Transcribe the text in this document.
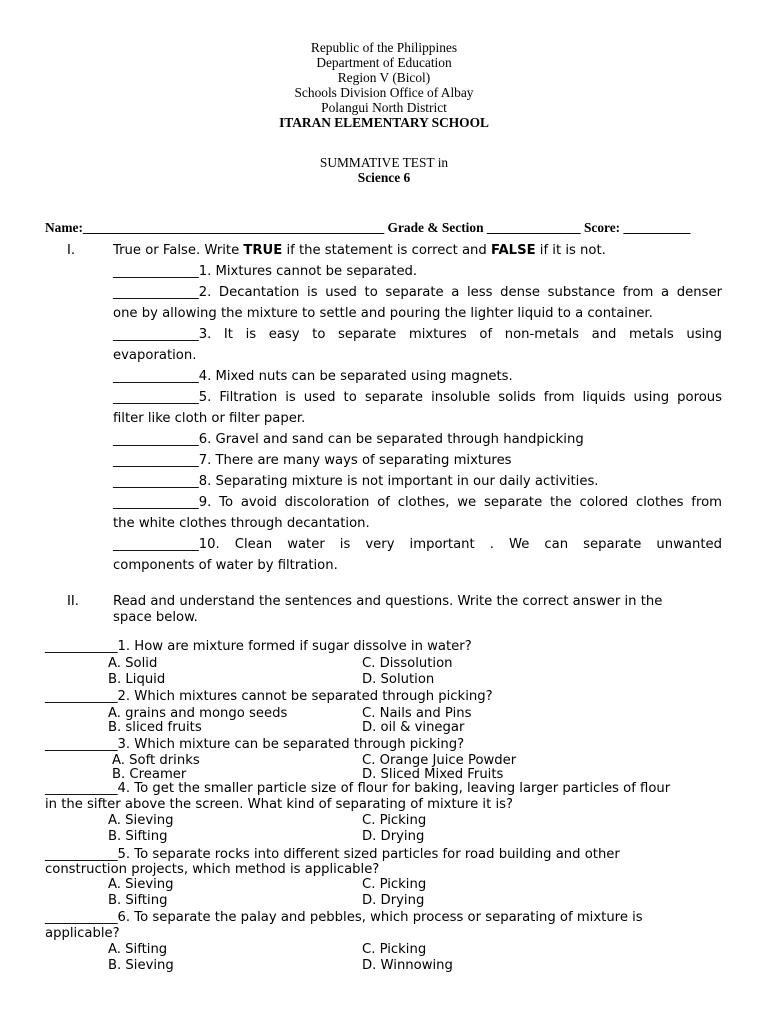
Republic of the Philippines
Department of Education
Region V (Bicol)
Schools Division Office of Albay
Polangui North District
ITARAN ELEMENTARY SCHOOL
SUMMATIVE TEST in
Science 6
Name:_____________________________________________ Grade & Section ______________ Score: __________
I.	True or False. Write TRUE if the statement is correct and FALSE if it is not.
_____________1. Mixtures cannot be separated.
_____________2. Decantation is used to separate a less dense substance from a denser
one by allowing the mixture to settle and pouring the lighter liquid to a container.
_____________3. It is easy to separate mixtures of non-metals and metals using
evaporation.
_____________4. Mixed nuts can be separated using magnets.
_____________5. Filtration is used to separate insoluble solids from liquids using porous
filter like cloth or filter paper.
_____________6. Gravel and sand can be separated through handpicking
_____________7. There are many ways of separating mixtures
_____________8. Separating mixture is not important in our daily activities.
_____________9. To avoid discoloration of clothes, we separate the colored clothes from
the white clothes through decantation.
_____________10. Clean water is very important . We can separate unwanted
components of water by filtration.
II.	Read and understand the sentences and questions. Write the correct answer in the
space below.
___________1. How are mixture formed if sugar dissolve in water?
A. Solid	C. Dissolution
B. Liquid	D. Solution
___________2. Which mixtures cannot be separated through picking?
A. grains and mongo seeds	C. Nails and Pins
B. sliced fruits	D. oil & vinegar
___________3. Which mixture can be separated through picking?
A. Soft drinks	C. Orange Juice Powder
B. Creamer	D. Sliced Mixed Fruits
___________4. To get the smaller particle size of flour for baking, leaving larger particles of flour
in the sifter above the screen. What kind of separating of mixture it is?
A. Sieving	C. Picking
B. Sifting	D. Drying
___________5. To separate rocks into different sized particles for road building and other
construction projects, which method is applicable?
A. Sieving	C. Picking
B. Sifting	D. Drying
___________6. To separate the palay and pebbles, which process or separating of mixture is
applicable?
A. Sifting	C. Picking
B. Sieving	D. Winnowing
